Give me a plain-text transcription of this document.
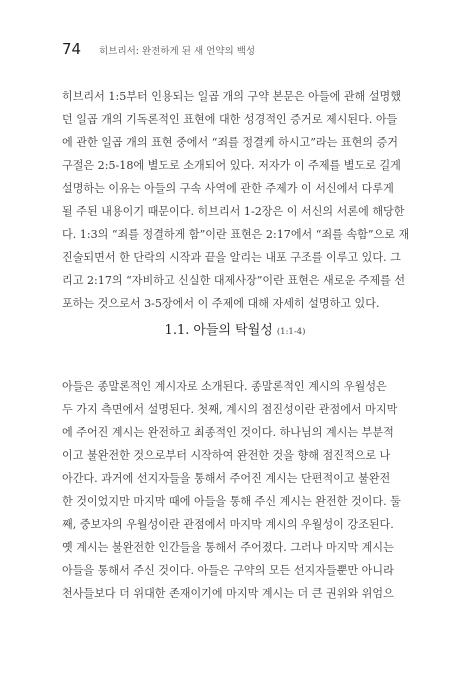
74 히브리서: 완전하게 된 새 언약의 백성
히브리서 1:5부터 인용되는 일곱 개의 구약 본문은 아들에 관해 설명했
던 일곱 개의 기독론적인 표현에 대한 성경적인 증거로 제시된다. 아들
에 관한 일곱 개의 표현 중에서 “죄를 정결케 하시고”라는 표현의 증거
구절은 2:5-18에 별도로 소개되어 있다. 저자가 이 주제를 별도로 길게
설명하는 이유는 아들의 구속 사역에 관한 주제가 이 서신에서 다루게
될 주된 내용이기 때문이다. 히브리서 1-2장은 이 서신의 서론에 해당한
다. 1:3의 “죄를 정결하게 함”이란 표현은 2:17에서 “죄를 속함”으로 재
진술되면서 한 단락의 시작과 끝을 알리는 내포 구조를 이루고 있다. 그
리고 2:17의 “자비하고 신실한 대제사장”이란 표현은 새로운 주제를 선
포하는 것으로서 3-5장에서 이 주제에 대해 자세히 설명하고 있다.
1.1. 아들의 탁월성 (1:1-4)
아들은 종말론적인 계시자로 소개된다. 종말론적인 계시의 우월성은
두 가지 측면에서 설명된다. 첫째, 계시의 점진성이란 관점에서 마지막
에 주어진 계시는 완전하고 최종적인 것이다. 하나님의 계시는 부분적
이고 불완전한 것으로부터 시작하여 완전한 것을 향해 점진적으로 나
아간다. 과거에 선지자들을 통해서 주어진 계시는 단편적이고 불완전
한 것이었지만 마지막 때에 아들을 통해 주신 계시는 완전한 것이다. 둘
째, 중보자의 우월성이란 관점에서 마지막 계시의 우월성이 강조된다.
옛 계시는 불완전한 인간들을 통해서 주어졌다. 그러나 마지막 계시는
아들을 통해서 주신 것이다. 아들은 구약의 모든 선지자들뿐만 아니라
천사들보다 더 위대한 존재이기에 마지막 계시는 더 큰 권위와 위엄으
